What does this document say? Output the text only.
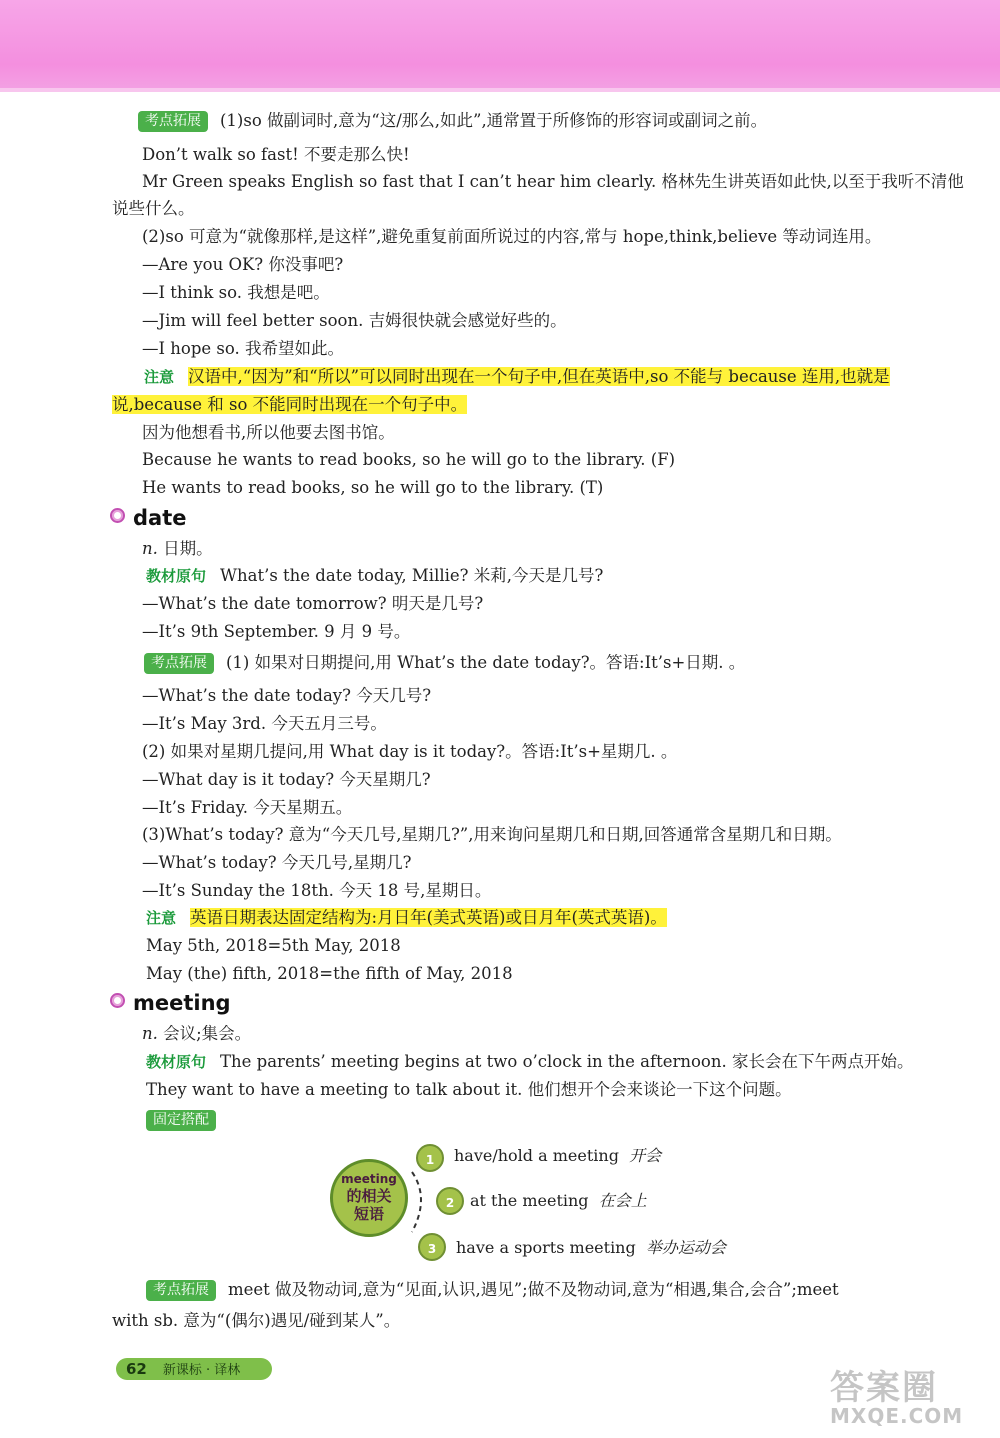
考点拓展 (1)so 做副词时,意为“这/那么,如此”,通常置于所修饰的形容词或副词之前。
Don’t walk so fast! 不要走那么快!
Mr Green speaks English so fast that I can’t hear him clearly. 格林先生讲英语如此快,以至于我听不清他
说些什么。
(2)so 可意为“就像那样,是这样”,避免重复前面所说过的内容,常与 hope,think,believe 等动词连用。
—Are you OK? 你没事吧?
—I think so. 我想是吧。
—Jim will feel better soon. 吉姆很快就会感觉好些的。
—I hope so. 我希望如此。
注意 汉语中,“因为”和“所以”可以同时出现在一个句子中,但在英语中,so 不能与 because 连用,也就是
说,because 和 so 不能同时出现在一个句子中。
因为他想看书,所以他要去图书馆。
Because he wants to read books, so he will go to the library. (F)
He wants to read books, so he will go to the library. (T)
date
n. 日期。
教材原句 What’s the date today, Millie? 米莉,今天是几号?
—What’s the date tomorrow? 明天是几号?
—It’s 9th September. 9 月 9 号。
考点拓展 (1) 如果对日期提问,用 What’s the date today?。答语:It’s+日期. 。
—What’s the date today? 今天几号?
—It’s May 3rd. 今天五月三号。
(2) 如果对星期几提问,用 What day is it today?。答语:It’s+星期几. 。
—What day is it today? 今天星期几?
—It’s Friday. 今天星期五。
(3)What’s today? 意为“今天几号,星期几?”,用来询问星期几和日期,回答通常含星期几和日期。
—What’s today? 今天几号,星期几?
—It’s Sunday the 18th. 今天 18 号,星期日。
注意 英语日期表达固定结构为:月日年(美式英语)或日月年(英式英语)。
May 5th, 2018=5th May, 2018
May (the) fifth, 2018=the fifth of May, 2018
meeting
n. 会议;集会。
教材原句 The parents’ meeting begins at two o’clock in the afternoon. 家长会在下午两点开始。
They want to have a meeting to talk about it. 他们想开个会来谈论一下这个问题。
固定搭配
meeting
的相关
短语
1	have/hold a meeting 开会
2 at the meeting 在会上
3	have a sports meeting 举办运动会
考点拓展 meet 做及物动词,意为“见面,认识,遇见”;做不及物动词,意为“相遇,集合,会合”;meet
with sb. 意为“(偶尔)遇见/碰到某人”。
62 新课标 · 译林	答案圈
MXQE.COM
